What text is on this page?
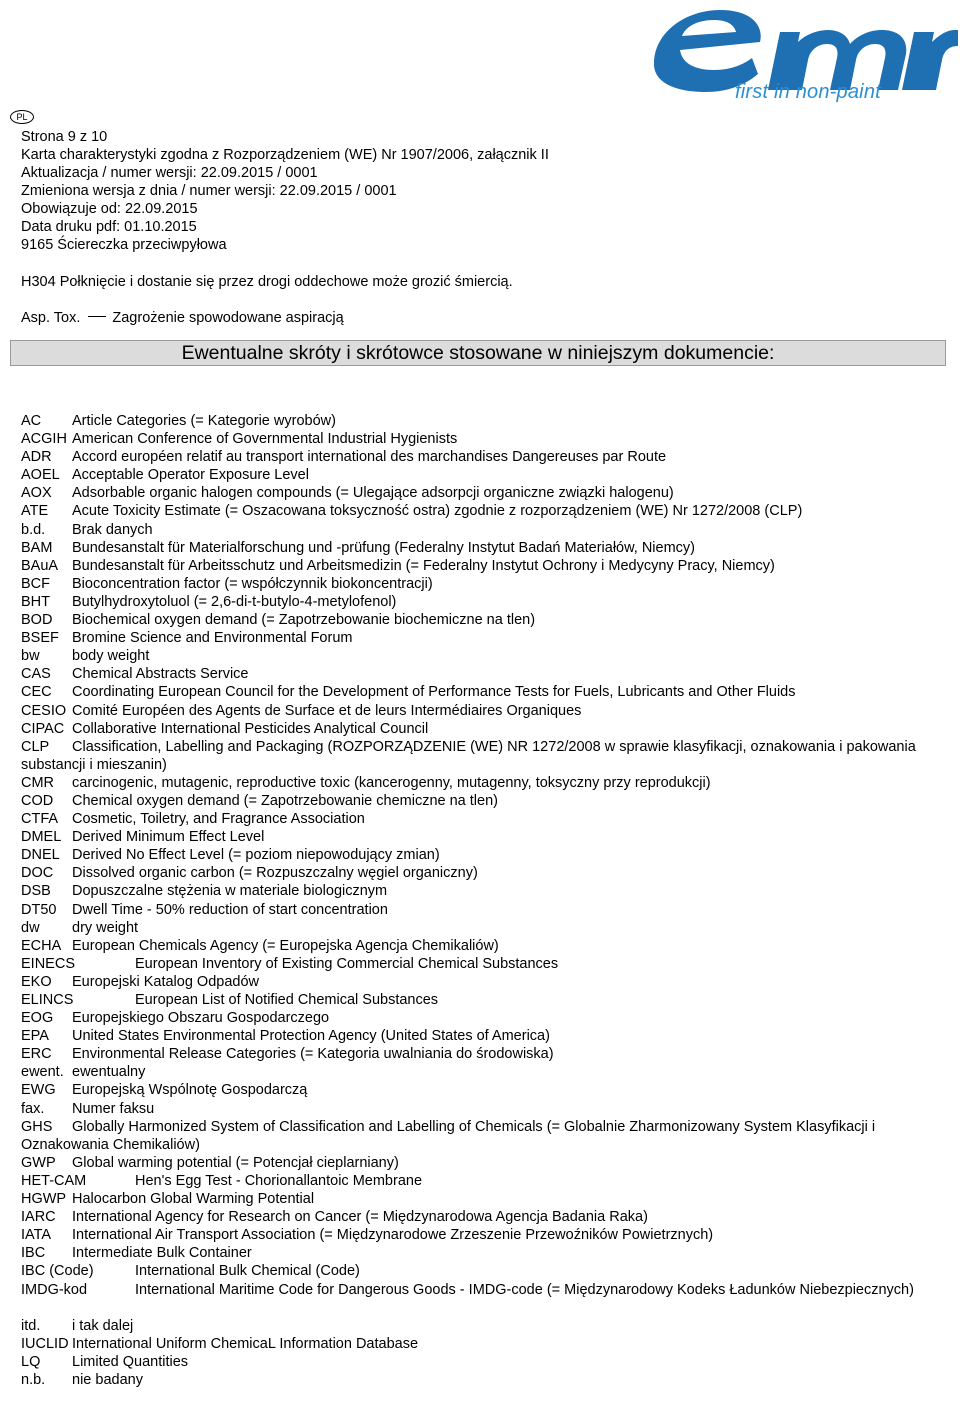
first in non-paint
PL
Strona 9 z 10
Karta charakterystyki zgodna z Rozporządzeniem (WE) Nr 1907/2006, załącznik II
Aktualizacja / numer wersji: 22.09.2015 / 0001
Zmieniona wersja z dnia / numer wersji: 22.09.2015 / 0001
Obowiązuje od: 22.09.2015
Data druku pdf: 01.10.2015
9165 Ściereczka przeciwpyłowa
H304 Połknięcie i dostanie się przez drogi oddechowe może grozić śmiercią.
Asp. Tox. Zagrożenie spowodowane aspiracją
Ewentualne skróty i skrótowce stosowane w niniejszym dokumencie:
AC Article Categories (= Kategorie wyrobów)
ACGIH American Conference of Governmental Industrial Hygienists
ADR Accord européen relatif au transport international des marchandises Dangereuses par Route
AOEL Acceptable Operator Exposure Level
AOX Adsorbable organic halogen compounds (= Ulegające adsorpcji organiczne związki halogenu)
ATE Acute Toxicity Estimate (= Oszacowana toksyczność ostra) zgodnie z rozporządzeniem (WE) Nr 1272/2008 (CLP)
b.d. Brak danych
BAM Bundesanstalt für Materialforschung und -prüfung (Federalny Instytut Badań Materiałów, Niemcy)
BAuA Bundesanstalt für Arbeitsschutz und Arbeitsmedizin (= Federalny Instytut Ochrony i Medycyny Pracy, Niemcy)
BCF Bioconcentration factor (= współczynnik biokoncentracji)
BHT Butylhydroxytoluol (= 2,6-di-t-butylo-4-metylofenol)
BOD Biochemical oxygen demand (= Zapotrzebowanie biochemiczne na tlen)
BSEF Bromine Science and Environmental Forum
bw body weight
CAS Chemical Abstracts Service
CEC Coordinating European Council for the Development of Performance Tests for Fuels, Lubricants and Other Fluids
CESIO Comité Européen des Agents de Surface et de leurs Intermédiaires Organiques
CIPAC Collaborative International Pesticides Analytical Council
CLP Classification, Labelling and Packaging (ROZPORZĄDZENIE (WE) NR 1272/2008 w sprawie klasyfikacji, oznakowania i pakowania substancji i mieszanin)
CMR carcinogenic, mutagenic, reproductive toxic (kancerogenny, mutagenny, toksyczny przy reprodukcji)
COD Chemical oxygen demand (= Zapotrzebowanie chemiczne na tlen)
CTFA Cosmetic, Toiletry, and Fragrance Association
DMEL Derived Minimum Effect Level
DNEL Derived No Effect Level (= poziom niepowodujący zmian)
DOC Dissolved organic carbon (= Rozpuszczalny węgiel organiczny)
DSB Dopuszczalne stężenia w materiale biologicznym
DT50 Dwell Time - 50% reduction of start concentration
dw dry weight
ECHA European Chemicals Agency (= Europejska Agencja Chemikaliów)
EINECS	European Inventory of Existing Commercial Chemical Substances
EKO Europejski Katalog Odpadów
ELINCS	European List of Notified Chemical Substances
EOG Europejskiego Obszaru Gospodarczego
EPA United States Environmental Protection Agency (United States of America)
ERC Environmental Release Categories (= Kategoria uwalniania do środowiska)
ewent. ewentualny
EWG Europejską Wspólnotę Gospodarczą
fax. Numer faksu
GHS Globally Harmonized System of Classification and Labelling of Chemicals (= Globalnie Zharmonizowany System Klasyfikacji i Oznakowania Chemikaliów)
GWP Global warming potential (= Potencjał cieplarniany)
HET-CAM	Hen's Egg Test - Chorionallantoic Membrane
HGWP Halocarbon Global Warming Potential
IARC International Agency for Research on Cancer (= Międzynarodowa Agencja Badania Raka)
IATA International Air Transport Association (= Międzynarodowe Zrzeszenie Przewoźników Powietrznych)
IBC Intermediate Bulk Container
IBC (Code)	International Bulk Chemical (Code)
IMDG-kod	International Maritime Code for Dangerous Goods - IMDG-code (= Międzynarodowy Kodeks Ładunków Niebezpiecznych)
itd. i tak dalej
IUCLID International Uniform ChemicaL Information Database
LQ Limited Quantities
n.b. nie badany
